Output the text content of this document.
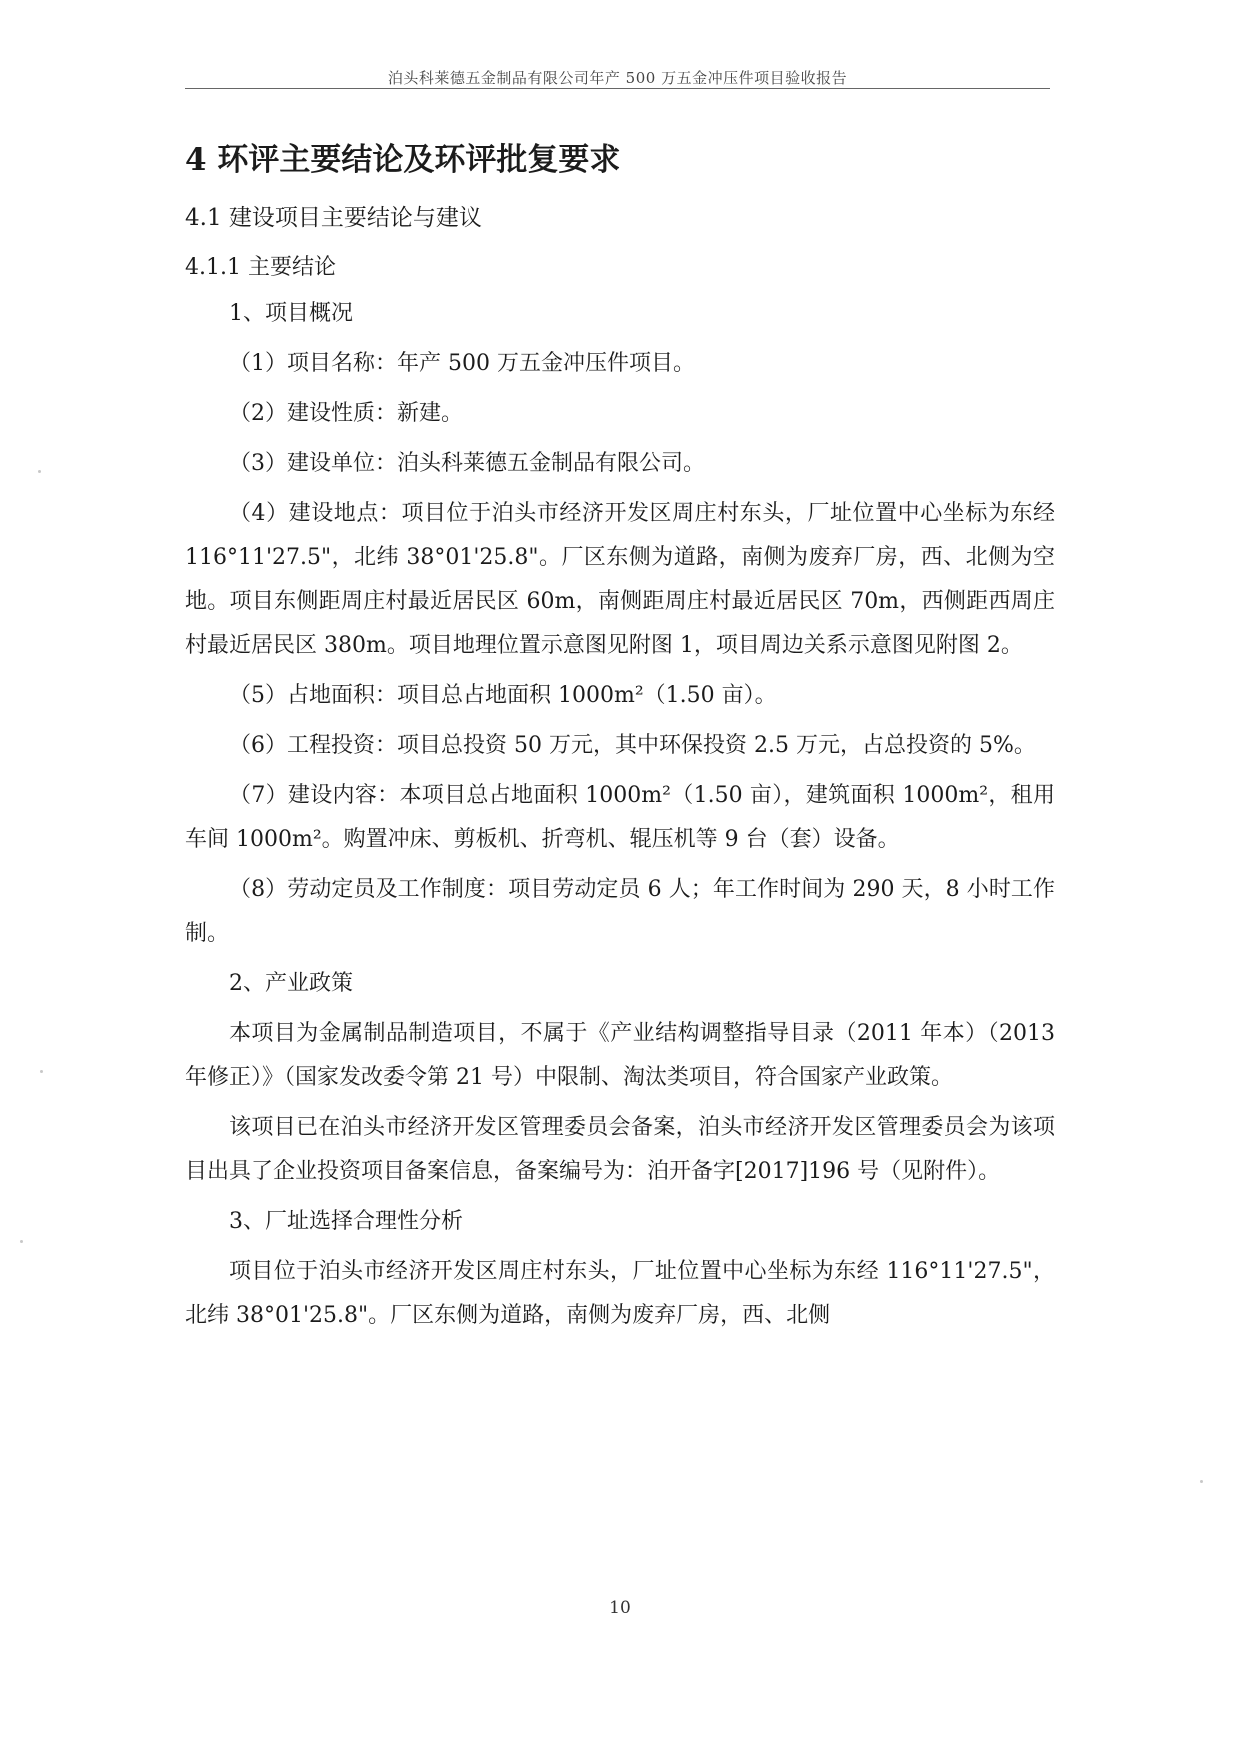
泊头科莱德五金制品有限公司年产 500 万五金冲压件项目验收报告
4 环评主要结论及环评批复要求
4.1 建设项目主要结论与建议
4.1.1 主要结论

1、项目概况

（1）项目名称：年产 500 万五金冲压件项目。

（2）建设性质：新建。

（3）建设单位：泊头科莱德五金制品有限公司。

（4）建设地点：项目位于泊头市经济开发区周庄村东头，厂址位置中心坐标为东经 116°11'27.5"，北纬 38°01'25.8"。厂区东侧为道路，南侧为废弃厂房，西、北侧为空地。项目东侧距周庄村最近居民区 60m，南侧距周庄村最近居民区 70m，西侧距西周庄村最近居民区 380m。项目地理位置示意图见附图 1，项目周边关系示意图见附图 2。

（5）占地面积：项目总占地面积 1000m²（1.50 亩）。

（6）工程投资：项目总投资 50 万元，其中环保投资 2.5 万元，占总投资的 5%。

（7）建设内容：本项目总占地面积 1000m²（1.50 亩），建筑面积 1000m²，租用车间 1000m²。购置冲床、剪板机、折弯机、辊压机等 9 台（套）设备。

（8）劳动定员及工作制度：项目劳动定员 6 人；年工作时间为 290 天，8 小时工作制。

2、产业政策

本项目为金属制品制造项目，不属于《产业结构调整指导目录（2011 年本）（2013 年修正）》（国家发改委令第 21 号）中限制、淘汰类项目，符合国家产业政策。

该项目已在泊头市经济开发区管理委员会备案，泊头市经济开发区管理委员会为该项目出具了企业投资项目备案信息，备案编号为：泊开备字[2017]196 号（见附件）。

3、厂址选择合理性分析

项目位于泊头市经济开发区周庄村东头，厂址位置中心坐标为东经 116°11'27.5"，北纬 38°01'25.8"。厂区东侧为道路，南侧为废弃厂房，西、北侧

10
